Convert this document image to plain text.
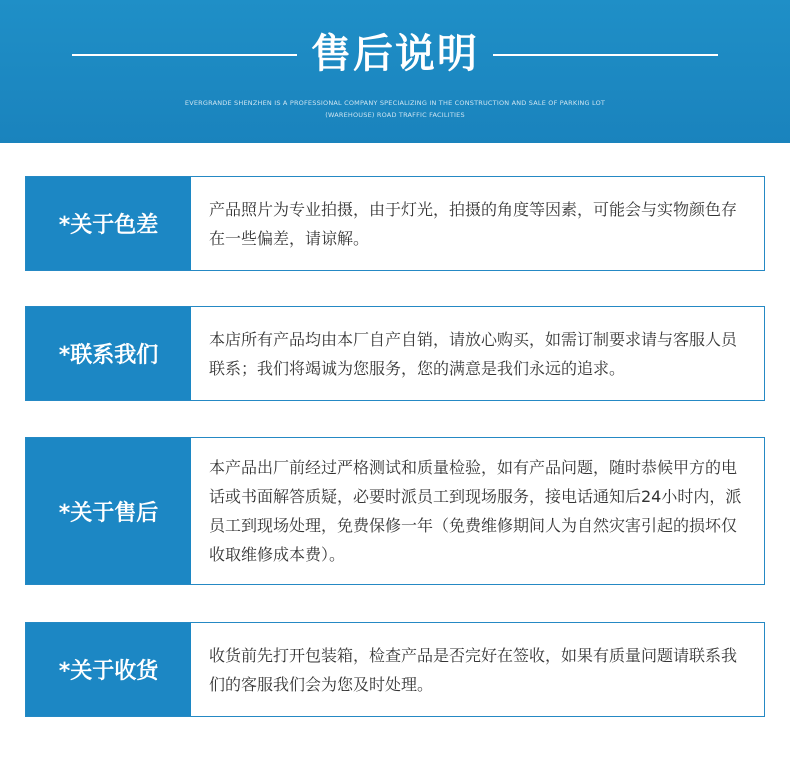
售后说明
EVERGRANDE SHENZHEN IS A PROFESSIONAL COMPANY SPECIALIZING IN THE CONSTRUCTION AND SALE OF PARKING LOT
(WAREHOUSE) ROAD TRAFFIC FACILITIES
*关于色差
产品照片为专业拍摄，由于灯光，拍摄的角度等因素，可能会与实物颜色存在一些偏差，请谅解。
*联系我们
本店所有产品均由本厂自产自销，请放心购买，如需订制要求请与客服人员联系；我们将竭诚为您服务，您的满意是我们永远的追求。
*关于售后
本产品出厂前经过严格测试和质量检验，如有产品问题，随时恭候甲方的电话或书面解答质疑，必要时派员工到现场服务，接电话通知后24小时内，派员工到现场处理，免费保修一年（免费维修期间人为自然灾害引起的损坏仅收取维修成本费）。
*关于收货
收货前先打开包装箱，检查产品是否完好在签收，如果有质量问题请联系我们的客服我们会为您及时处理。
